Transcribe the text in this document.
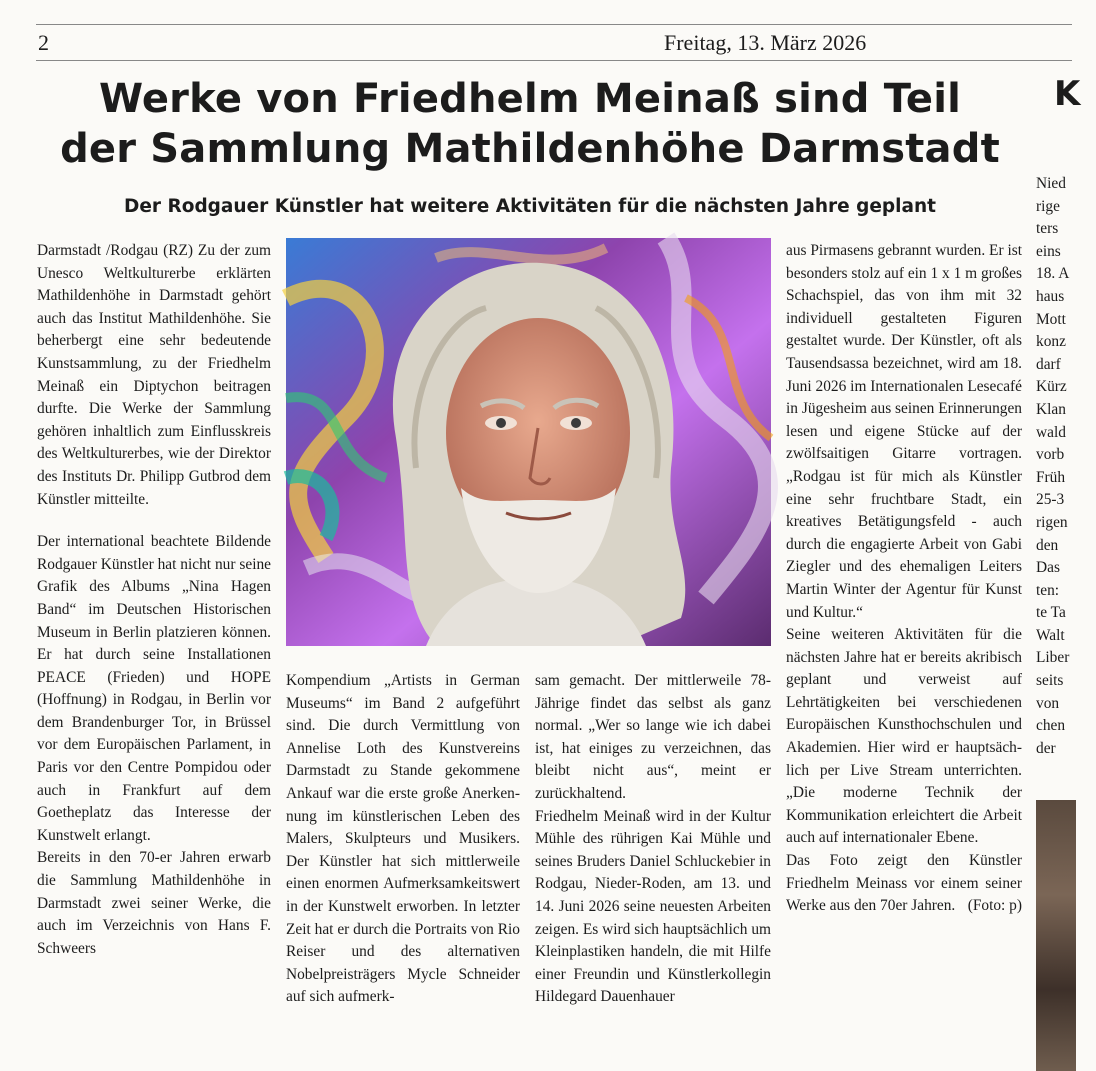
2	Freitag, 13. März 2026
K
Werke von Friedhelm Meinaß sind Teil
der Sammlung Mathildenhöhe Darmstadt
Der Rodgauer Künstler hat weitere Aktivitäten für die nächsten Jahre geplant

Darmstadt /Rodgau (RZ) Zu der zum Unesco Weltkulturerbe erklärten Mathildenhöhe in Darmstadt gehört auch das Institut Mathildenhöhe. Sie beherbergt eine sehr bedeutende Kunstsammlung, zu der Friedhelm Meinaß ein Diptychon beitragen durfte. Die Werke der Sammlung gehören inhaltlich zum Einflusskreis des Weltkulturerbes, wie der Direktor des Instituts Dr. Philipp Gutbrod dem Künstler mitteilte.

Der international beachtete Bildende Rodgauer Künstler hat nicht nur seine Grafik des Albums „Nina Hagen Band“ im Deutschen Historischen Museum in Berlin platzieren können. Er hat durch seine Installationen PEACE (Frieden) und HOPE (Hoffnung) in Rodgau, in Berlin vor dem Brandenburger Tor, in Brüssel vor dem Europäischen Parlament, in Paris vor den Centre Pompidou oder auch in Frankfurt auf dem Goetheplatz das Interesse der Kunstwelt erlangt.

Bereits in den 70-er Jahren erwarb die Sammlung Mathildenhöhe in Darmstadt zwei seiner Werke, die auch im Verzeichnis von Hans F. Schweers

Kompendium „Artists in German Museums“ im Band 2 aufgeführt sind. Die durch Vermittlung von Annelise Loth des Kunstvereins Darmstadt zu Stande gekommene Ankauf war die erste große Anerkennung im künstlerischen Leben des Malers, Skulpteurs und Musikers. Der Künstler hat sich mittlerweile einen enormen Aufmerksamkeitswert in der Kunstwelt erworben. In letzter Zeit hat er durch die Portraits von Rio Reiser und des alternativen Nobelpreisträgers Mycle Schneider auf sich aufmerk-

sam gemacht. Der mittlerweile 78-Jährige findet das selbst als ganz normal. „Wer so lange wie ich dabei ist, hat einiges zu verzeichnen, das bleibt nicht aus“, meint er zurückhaltend.

Friedhelm Meinaß wird in der Kultur Mühle des rührigen Kai Mühle und seines Bruders Daniel Schluckebier in Rodgau, Nieder-Roden, am 13. und 14. Juni 2026 seine neuesten Arbeiten zeigen. Es wird sich hauptsächlich um Kleinplastiken handeln, die mit Hilfe einer Freundin und Künstlerkollegin Hildegard Dauenhauer

aus Pirmasens gebrannt wurden. Er ist besonders stolz auf ein 1 x 1 m großes Schachspiel, das von ihm mit 32 individuell gestalteten Figuren gestaltet wurde. Der Künstler, oft als Tausendsassa bezeichnet, wird am 18. Juni 2026 im Internationalen Lesecafé in Jügesheim aus seinen Erinnerungen lesen und eigene Stücke auf der zwölfsaitigen Gitarre vortragen. „Rodgau ist für mich als Künstler eine sehr fruchtbare Stadt, ein kreatives Betätigungsfeld - auch durch die engagierte Arbeit von Gabi Ziegler und des ehemaligen Leiters Martin Winter der Agentur für Kunst und Kultur.“

Seine weiteren Aktivitäten für die nächsten Jahre hat er bereits akribisch geplant und verweist auf Lehrtätigkeiten bei verschiedenen Europäischen Kunsthochschulen und Akademien. Hier wird er hauptsächlich per Live Stream unterrichten. „Die moderne Technik der Kommunikation erleichtert die Arbeit auch auf internationaler Ebene.

Das Foto zeigt den Künstler Friedhelm Meinass vor einem seiner Werke aus den 70er Jahren. (Foto: p)

Nied
rige
ters
eins
18. A
haus
Mott
konz
darf
Kürz
Klan
wald
vorb
Früh
25-3
rigen
den
Das
ten:
te Ta
Walt
Liber
seits
von
chen
der
